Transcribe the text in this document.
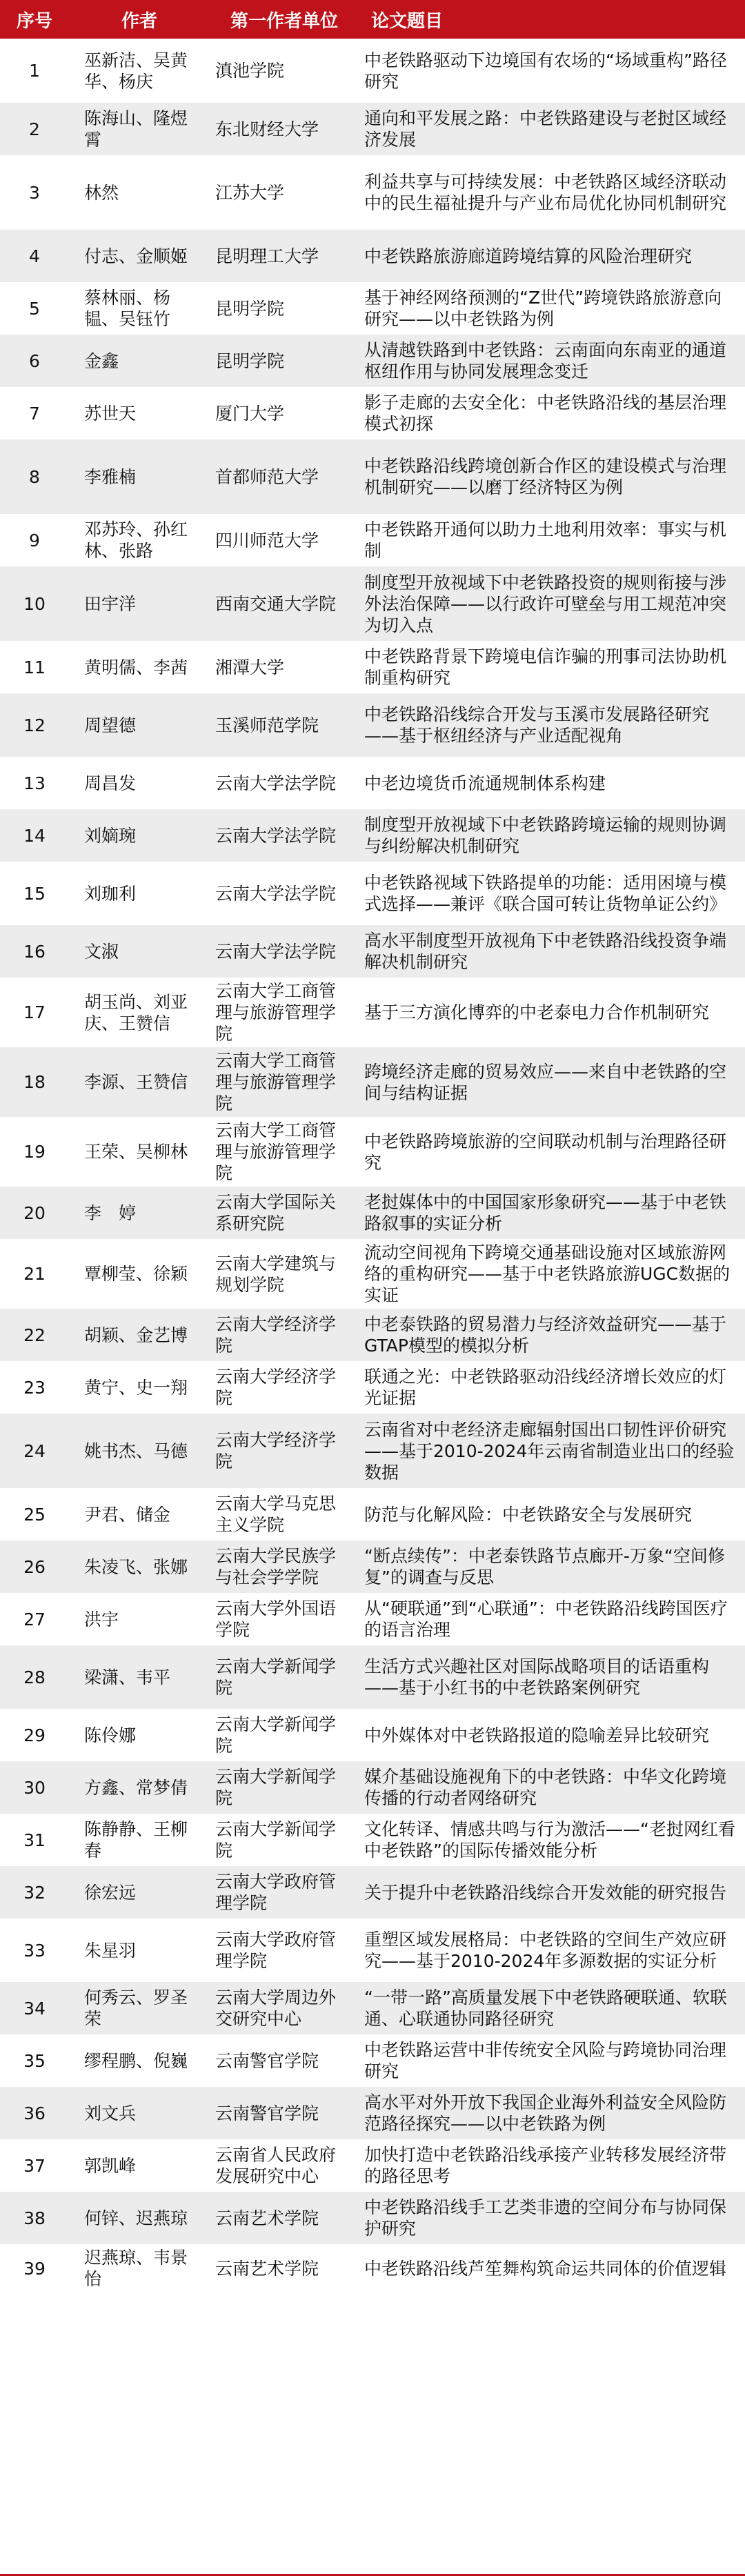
序号	作者	第一作者单位	论文题目
1	巫新洁、吴黄华、杨庆	滇池学院	中老铁路驱动下边境国有农场的“场域重构”路径研究
2	陈海山、隆煜霄	东北财经大学	通向和平发展之路：中老铁路建设与老挝区域经济发展
3	林然	江苏大学	利益共享与可持续发展：中老铁路区域经济联动中的民生福祉提升与产业布局优化协同机制研究
4	付志、金顺姬	昆明理工大学	中老铁路旅游廊道跨境结算的风险治理研究
5	蔡林丽、杨韫、吴钰竹	昆明学院	基于神经网络预测的“Z世代”跨境铁路旅游意向研究——以中老铁路为例
6	金鑫	昆明学院	从清越铁路到中老铁路：云南面向东南亚的通道枢纽作用与协同发展理念变迁
7	苏世天	厦门大学	影子走廊的去安全化：中老铁路沿线的基层治理模式初探
8	李雅楠	首都师范大学	中老铁路沿线跨境创新合作区的建设模式与治理机制研究——以磨丁经济特区为例
9	邓苏玲、孙红林、张路	四川师范大学	中老铁路开通何以助力土地利用效率：事实与机制
10	田宇洋	西南交通大学院	制度型开放视域下中老铁路投资的规则衔接与涉外法治保障——以行政许可壁垒与用工规范冲突为切入点
11	黄明儒、李茜	湘潭大学	中老铁路背景下跨境电信诈骗的刑事司法协助机制重构研究
12	周望德	玉溪师范学院	中老铁路沿线综合开发与玉溪市发展路径研究——基于枢纽经济与产业适配视角
13	周昌发	云南大学法学院	中老边境货币流通规制体系构建
14	刘嫡琬	云南大学法学院	制度型开放视域下中老铁路跨境运输的规则协调与纠纷解决机制研究
15	刘珈利	云南大学法学院	中老铁路视域下铁路提单的功能：适用困境与模式选择——兼评《联合国可转让货物单证公约》
16	文淑	云南大学法学院	高水平制度型开放视角下中老铁路沿线投资争端解决机制研究
17	胡玉尚、刘亚庆、王赞信	云南大学工商管理与旅游管理学院	基于三方演化博弈的中老泰电力合作机制研究
18	李源、王赞信	云南大学工商管理与旅游管理学院	跨境经济走廊的贸易效应——来自中老铁路的空间与结构证据
19	王荣、吴柳林	云南大学工商管理与旅游管理学院	中老铁路跨境旅游的空间联动机制与治理路径研究
20	李　婷	云南大学国际关系研究院	老挝媒体中的中国国家形象研究——基于中老铁路叙事的实证分析
21	覃柳莹、徐颖	云南大学建筑与规划学院	流动空间视角下跨境交通基础设施对区域旅游网络的重构研究——基于中老铁路旅游UGC数据的实证
22	胡颖、金艺博	云南大学经济学院	中老泰铁路的贸易潜力与经济效益研究——基于GTAP模型的模拟分析
23	黄宁、史一翔	云南大学经济学院	联通之光：中老铁路驱动沿线经济增长效应的灯光证据
24	姚书杰、马德	云南大学经济学院	云南省对中老经济走廊辐射国出口韧性评价研究——基于2010-2024年云南省制造业出口的经验数据
25	尹君、储金	云南大学马克思主义学院	防范与化解风险：中老铁路安全与发展研究
26	朱凌飞、张娜	云南大学民族学与社会学学院	“断点续传”：中老泰铁路节点廊开-万象“空间修复”的调查与反思
27	洪宇	云南大学外国语学院	从“硬联通”到“心联通”：中老铁路沿线跨国医疗的语言治理
28	梁潇、韦平	云南大学新闻学院	生活方式兴趣社区对国际战略项目的话语重构——基于小红书的中老铁路案例研究
29	陈伶娜	云南大学新闻学院	中外媒体对中老铁路报道的隐喻差异比较研究
30	方鑫、常梦倩	云南大学新闻学院	媒介基础设施视角下的中老铁路：中华文化跨境传播的行动者网络研究
31	陈静静、王柳春	云南大学新闻学院	文化转译、情感共鸣与行为激活——“老挝网红看中老铁路”的国际传播效能分析
32	徐宏远	云南大学政府管理学院	关于提升中老铁路沿线综合开发效能的研究报告
33	朱星羽	云南大学政府管理学院	重塑区域发展格局：中老铁路的空间生产效应研究——基于2010-2024年多源数据的实证分析
34	何秀云、罗圣荣	云南大学周边外交研究中心	“一带一路”高质量发展下中老铁路硬联通、软联通、心联通协同路径研究
35	缪程鹏、倪巍	云南警官学院	中老铁路运营中非传统安全风险与跨境协同治理研究
36	刘文兵	云南警官学院	高水平对外开放下我国企业海外利益安全风险防范路径探究——以中老铁路为例
37	郭凯峰	云南省人民政府发展研究中心	加快打造中老铁路沿线承接产业转移发展经济带的路径思考
38	何锌、迟燕琼	云南艺术学院	中老铁路沿线手工艺类非遗的空间分布与协同保护研究
39	迟燕琼、韦景怡	云南艺术学院	中老铁路沿线芦笙舞构筑命运共同体的价值逻辑
